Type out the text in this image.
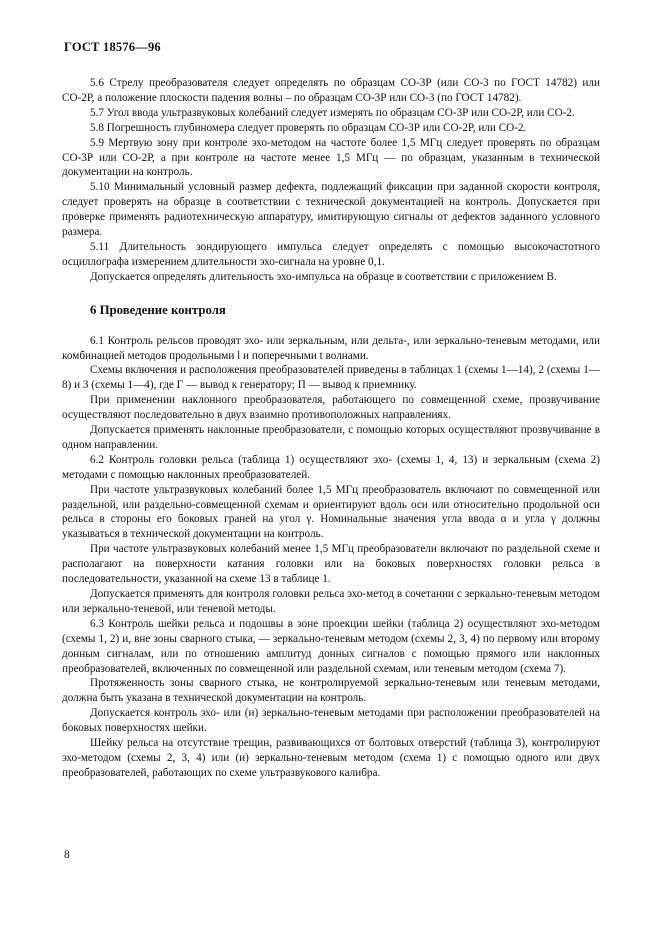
ГОСТ 18576—96

5.6 Стрелу преобразователя следует определять по образцам СО-3Р (или СО-3 по ГОСТ 14782) или СО-2Р, а положение плоскости падения волны – по образцам СО-3Р или СО-3 (по ГОСТ 14782).

5.7 Угол ввода ультразвуковых колебаний следует измерять по образцам СО-3Р или СО-2Р, или СО-2.

5.8 Погрешность глубиномера следует проверять по образцам СО-3Р или СО-2Р, или СО-2.

5.9 Мертвую зону при контроле эхо-методом на частоте более 1,5 МГц следует проверять по образцам СО-3Р или СО-2Р, а при контроле на частоте менее 1,5 МГц — по образцам, указанным в технической документации на контроль.

5.10 Минимальный условный размер дефекта, подлежащий фиксации при заданной скорости контроля, следует проверять на образце в соответствии с технической документацией на контроль. Допускается при проверке применять радиотехническую аппаратуру, имитирующую сигналы от дефектов заданного условного размера.

5.11 Длительность зондирующего импульса следует определять с помощью высокочастотного осциллографа измерением длительности эхо-сигнала на уровне 0,1.

Допускается определять длительность эхо-импульса на образце в соответствии с приложением В.

6 Проведение контроля

6.1 Контроль рельсов проводят эхо- или зеркальным, или дельта-, или зеркально-теневым методами, или комбинацией методов продольными l и поперечными t волнами.

Схемы включения и расположения преобразователей приведены в таблицах 1 (схемы 1—14), 2 (схемы 1—8) и 3 (схемы 1—4), где Г — вывод к генератору; П — вывод к приемнику.

При применении наклонного преобразователя, работающего по совмещенной схеме, прозвучивание осуществляют последовательно в двух взаимно противоположных направлениях.

Допускается применять наклонные преобразователи, с помощью которых осуществляют прозвучивание в одном направлении.

6.2 Контроль головки рельса (таблица 1) осуществляют эхо- (схемы 1, 4, 13) и зеркальным (схема 2) методами с помощью наклонных преобразователей.

При частоте ультразвуковых колебаний более 1,5 МГц преобразователь включают по совмещенной или раздельной, или раздельно-совмещенной схемам и ориентируют вдоль оси или относительно продольной оси рельса в стороны его боковых граней на угол γ. Номинальные значения угла ввода α и угла γ должны указываться в технической документации на контроль.

При частоте ультразвуковых колебаний менее 1,5 МГц преобразователи включают по раздельной схеме и располагают на поверхности катания головки или на боковых поверхностях головки рельса в последовательности, указанной на схеме 13 в таблице 1.

Допускается применять для контроля головки рельса эхо-метод в сочетании с зеркально-теневым методом или зеркально-теневой, или теневой методы.

6.3 Контроль шейки рельса и подошвы в зоне проекции шейки (таблица 2) осуществляют эхо-методом (схемы 1, 2) и, вне зоны сварного стыка, — зеркально-теневым методом (схемы 2, 3, 4) по первому или второму донным сигналам, или по отношению амплитуд донных сигналов с помощью прямого или наклонных преобразователей, включенных по совмещенной или раздельной схемам, или теневым методом (схема 7).

Протяженность зоны сварного стыка, не контролируемой зеркально-теневым или теневым методами, должна быть указана в технической документации на контроль.

Допускается контроль эхо- или (и) зеркально-теневым методами при расположении преобразователей на боковых поверхностях шейки.

Шейку рельса на отсутствие трещин, развивающихся от болтовых отверстий (таблица 3), контролируют эхо-методом (схемы 2, 3, 4) или (и) зеркально-теневым методом (схема 1) с помощью одного или двух преобразователей, работающих по схеме ультразвукового калибра.

8
